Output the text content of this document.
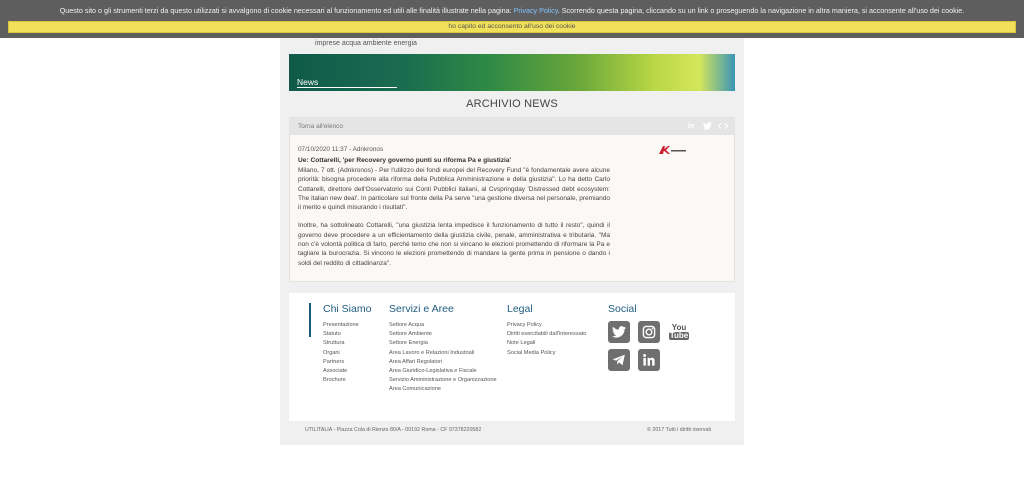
Questo sito o gli strumenti terzi da questo utilizzati si avvalgono di cookie necessari al funzionamento ed utili alle finalità illustrate nella pagina: Privacy Policy. Scorrendo questa pagina, cliccando su un link o proseguendo la navigazione in altra maniera, si acconsente all'uso dei cookie.
ho capito ed acconsento all'uso dei cookie
imprese acqua ambiente energia
News
ARCHIVIO NEWS
Torna all'elenco	in
07/10/2020 11:37 - Adnkronos
Ue: Cottarelli, 'per Recovery governo punti su riforma Pa e giustizia'

Milano, 7 ott. (Adnkronos) - Per l'utilizzo dei fondi europei del Recovery Fund "è fondamentale avere alcune priorità: bisogna procedere alla riforma della Pubblica Amministrazione e della giustizia". Lo ha detto Carlo Cottarelli, direttore dell'Osservatorio sui Conti Pubblici italiani, al Cvspringday 'Distressed debt ecosystem: The italian new deal'. In particolare sul fronte della Pa serve "una gestione diversa nel personale, premiando il merito e quindi misurando i risultati".

Inoltre, ha sottolineato Cottarelli, "una giustizia lenta impedisce il funzionamento di tutto il resto", quindi il governo deve procedere a un efficientamento della giustizia civile, penale, amministrativa e tributaria. "Ma non c'è volontà politica di farlo, perché temo che non si vincano le elezioni promettendo di riformare la Pa e tagliare la burocrazia. Si vincono le elezioni promettendo di mandare la gente prima in pensione o dando i soldi del reddito di cittadinanza".

Chi Siamo
Presentazione
Statuto
Struttura
Organi
Partners
Associate
Brochure
Servizi e Aree
Settore Acqua
Settore Ambiente
Settore Energia
Area Lavoro e Relazioni Industriali
Area Affari Regolatori
Area Giuridico-Legislativa e Fiscale
Servizio Amministrazione e Organizzazione
Area Comunicazione
Legal
Privacy Policy
Diritti esercitabili dall'interessato
Note Legali
Social Media Policy
Social
You
Tube
UTILITALIA - Piazza Cola di Rienzo 80/A - 00192 Roma - CF 97378220582	© 2017 Tutti i diritti riservati
